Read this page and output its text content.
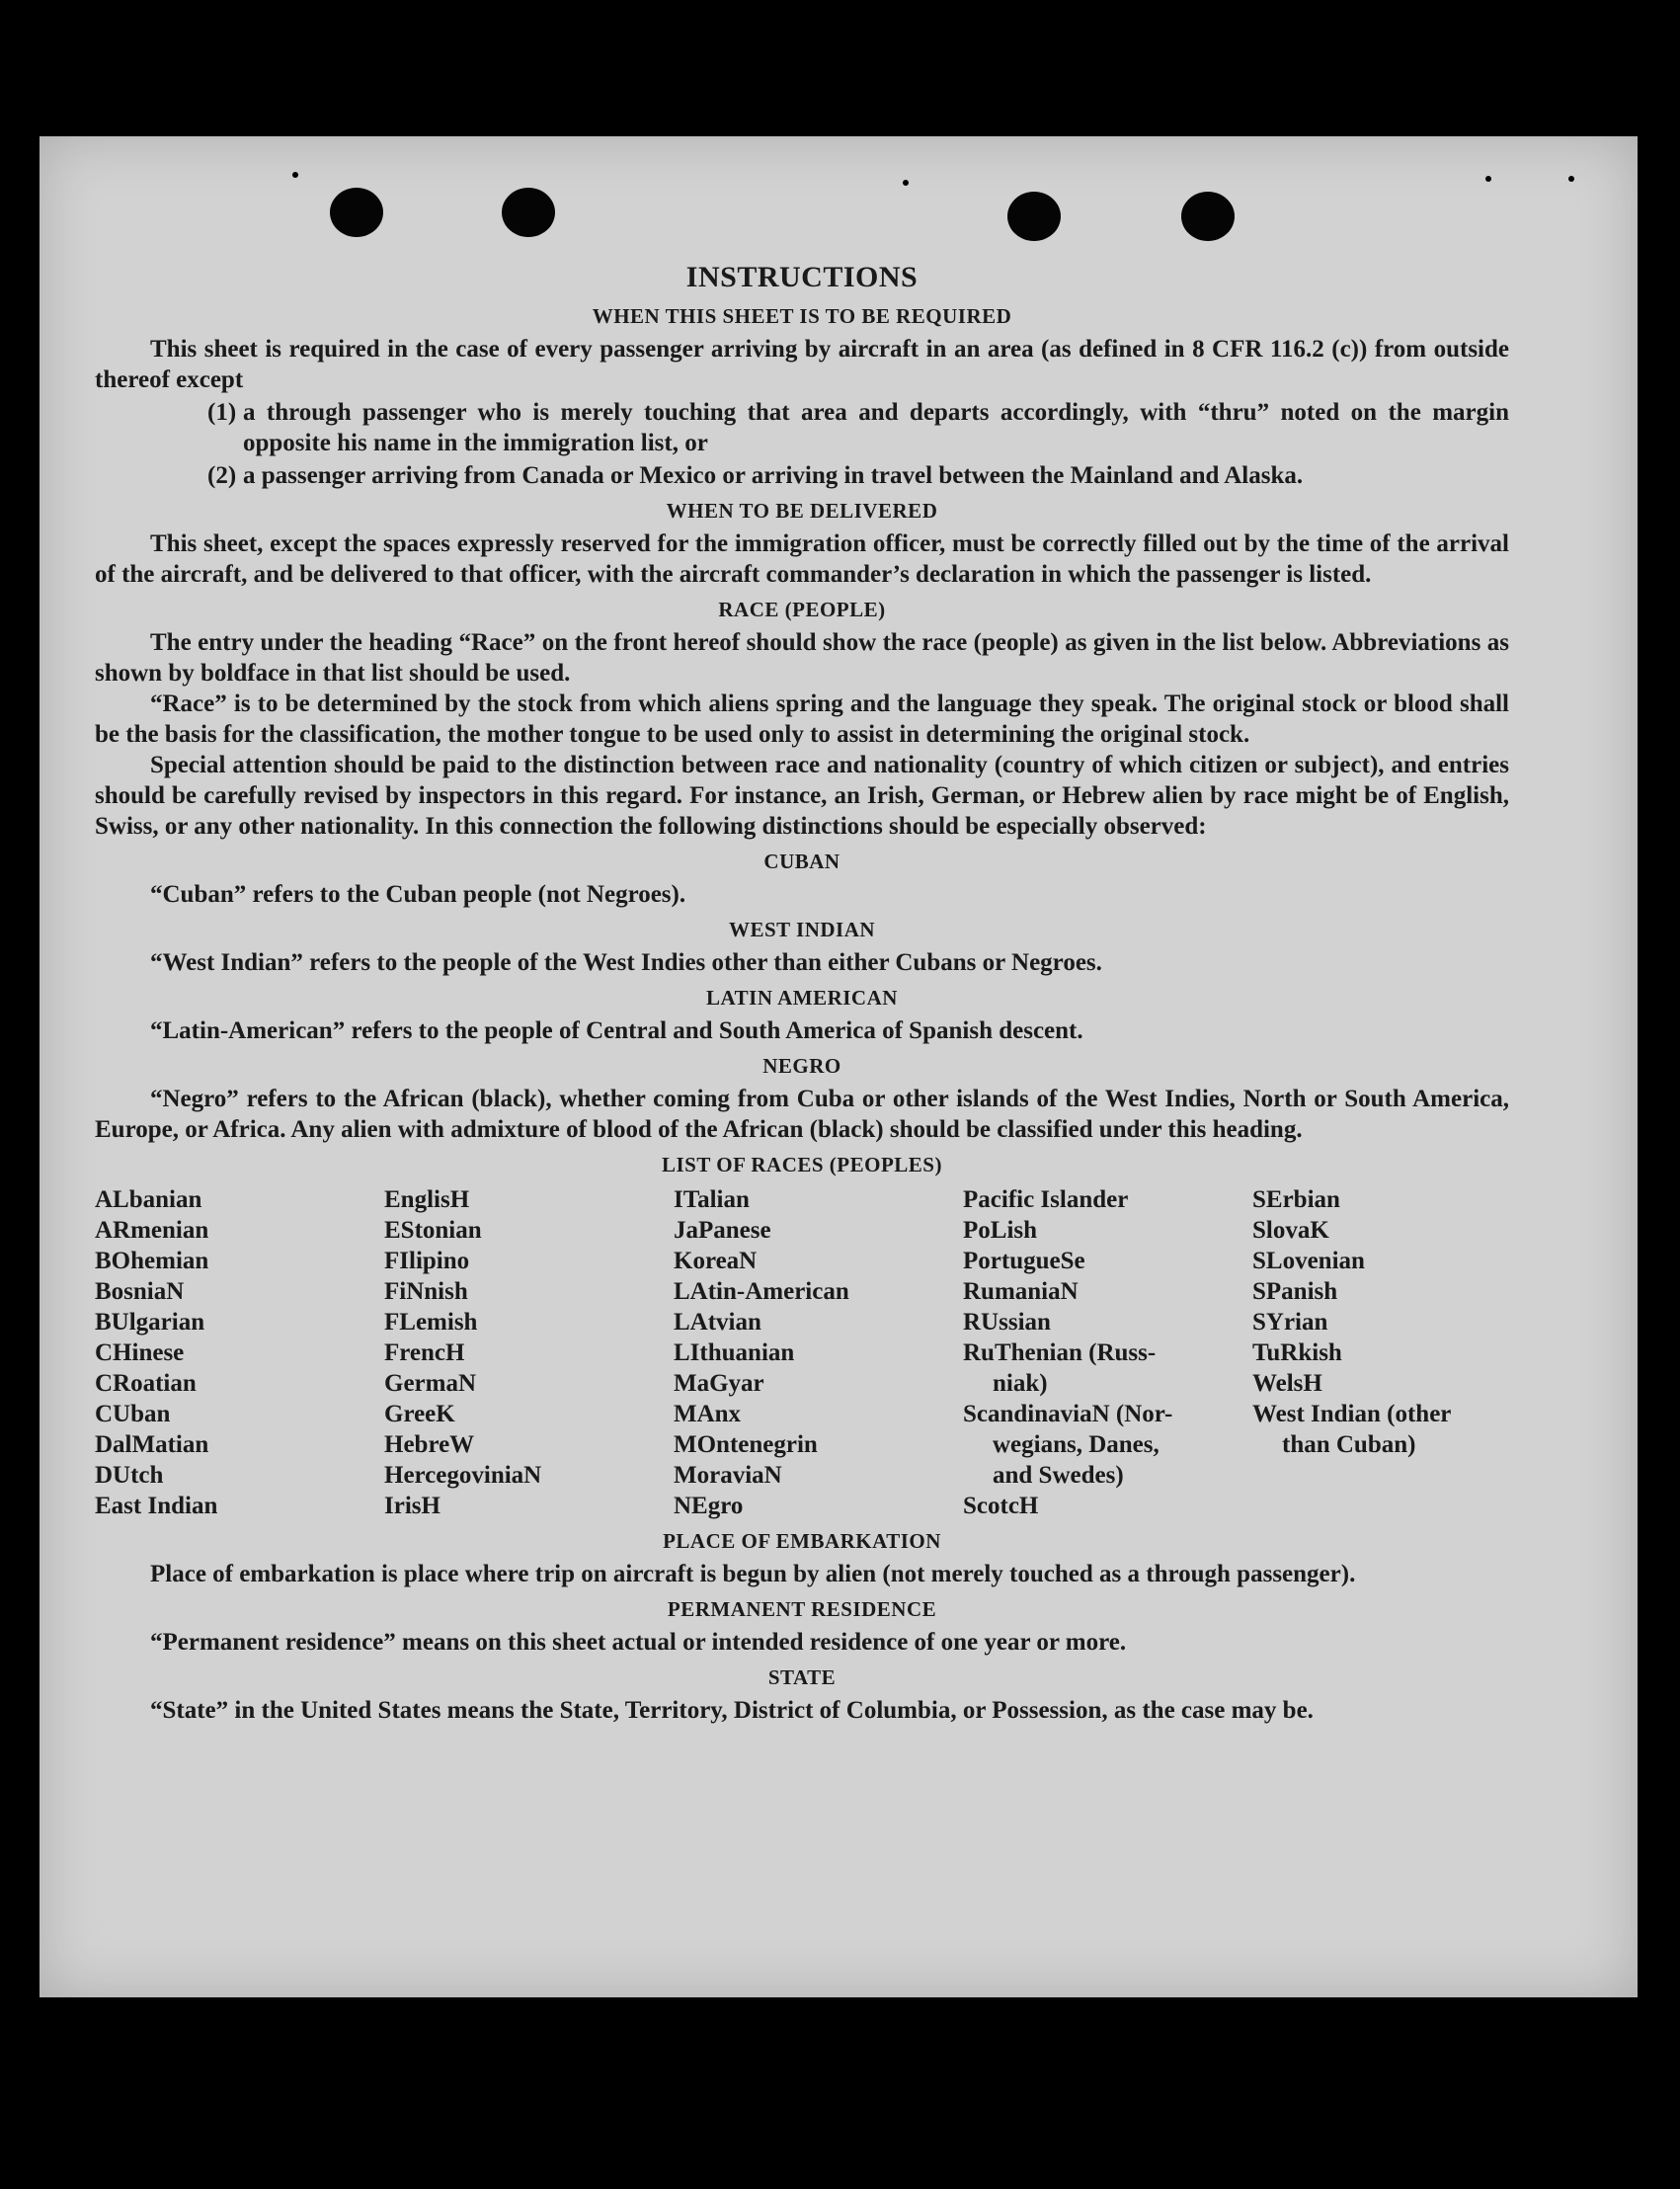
INSTRUCTIONS
WHEN THIS SHEET IS TO BE REQUIRED

This sheet is required in the case of every passenger arriving by aircraft in an area (as defined in 8 CFR 116.2 (c)) from outside thereof except

(1) a through passenger who is merely touching that area and departs accordingly, with “thru” noted on the margin opposite his name in the immigration list, or
(2) a passenger arriving from Canada or Mexico or arriving in travel between the Mainland and Alaska.
WHEN TO BE DELIVERED

This sheet, except the spaces expressly reserved for the immigration officer, must be correctly filled out by the time of the arrival of the aircraft, and be delivered to that officer, with the aircraft commander’s declaration in which the passenger is listed.

RACE (PEOPLE)

The entry under the heading “Race” on the front hereof should show the race (people) as given in the list below. Abbreviations as shown by boldface in that list should be used.

“Race” is to be determined by the stock from which aliens spring and the language they speak. The original stock or blood shall be the basis for the classification, the mother tongue to be used only to assist in determining the original stock.

Special attention should be paid to the distinction between race and nationality (country of which citizen or subject), and entries should be carefully revised by inspectors in this regard. For instance, an Irish, German, or Hebrew alien by race might be of English, Swiss, or any other nationality. In this connection the following distinctions should be especially observed:

CUBAN

“Cuban” refers to the Cuban people (not Negroes).

WEST INDIAN

“West Indian” refers to the people of the West Indies other than either Cubans or Negroes.

LATIN AMERICAN

“Latin-American” refers to the people of Central and South America of Spanish descent.

NEGRO

“Negro” refers to the African (black), whether coming from Cuba or other islands of the West Indies, North or South America, Europe, or Africa. Any alien with admixture of blood of the African (black) should be classified under this heading.

LIST OF RACES (PEOPLES)
ALbanian
ARmenian
BOhemian
BosniaN
BUlgarian
CHinese
CRoatian
CUban
DalMatian
DUtch
East Indian
EnglisH
EStonian
FIlipino
FiNnish
FLemish
FrencH
GermaN
GreeK
HebreW
HercegoviniaN
IrisH
ITalian
JaPanese
KoreaN
LAtin-American
LAtvian
LIthuanian
MaGyar
MAnx
MOntenegrin
MoraviaN
NEgro
Pacific Islander
PoLish
PortugueSe
RumaniaN
RUssian
RuThenian (Russ-
niak)
ScandinaviaN (Nor-
wegians, Danes,
and Swedes)
ScotcH
SErbian
SlovaK
SLovenian
SPanish
SYrian
TuRkish
WelsH
West Indian (other
than Cuban)
PLACE OF EMBARKATION

Place of embarkation is place where trip on aircraft is begun by alien (not merely touched as a through passenger).

PERMANENT RESIDENCE

“Permanent residence” means on this sheet actual or intended residence of one year or more.

STATE

“State” in the United States means the State, Territory, District of Columbia, or Possession, as the case may be.
